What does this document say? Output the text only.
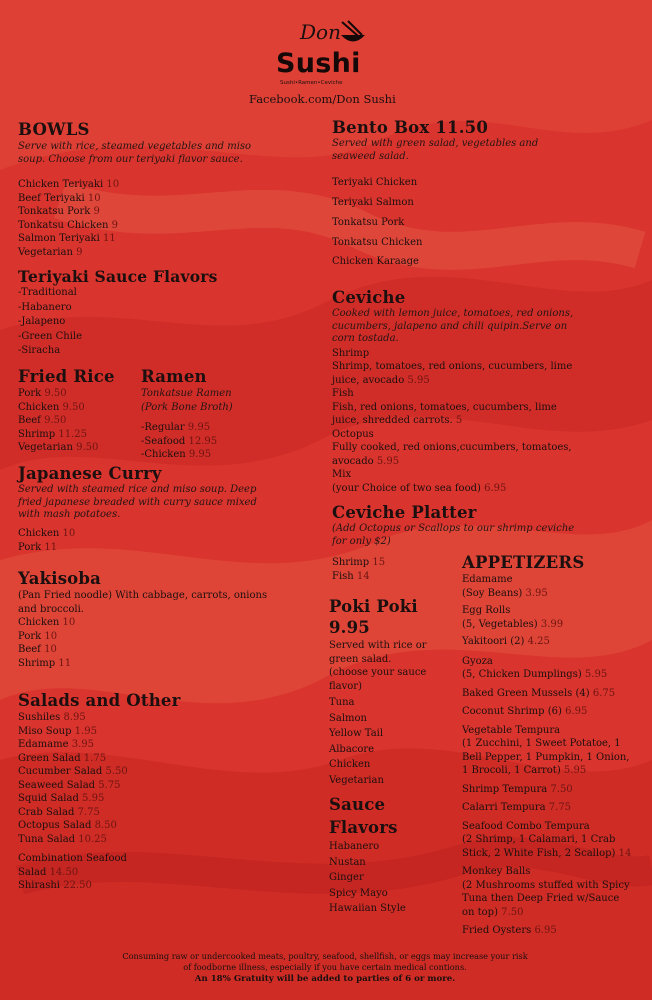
Don
Sushi
Sushi•Ramen•Ceviche
Facebook.com/Don Sushi
BOWLS

Serve with rice, steamed vegetables and miso soup. Choose from our teriyaki flavor sauce.

Chicken Teriyaki 10
Beef Teriyaki 10
Tonkatsu Pork 9
Tonkatsu Chicken 9
Salmon Teriyaki 11
Vegetarian 9
Teriyaki Sauce Flavors
-Traditional
-Habanero
-Jalapeno
-Green Chile
-Siracha
Fried Rice
Pork 9.50
Chicken 9.50
Beef 9.50
Shrimp 11.25
Vegetarian 9.50
Ramen

Tonkatsue Ramen

(Pork Bone Broth)

-Regular 9.95
-Seafood 12.95
-Chicken 9.95
Japanese Curry

Served with steamed rice and miso soup. Deep fried japanese breaded with curry sauce mixed with mash potatoes.

Chicken 10
Pork 11
Yakisoba
(Pan Fried noodle) With cabbage, carrots, onions and broccoli.
Chicken 10
Pork 10
Beef 10
Shrimp 11
Salads and Other
Sushiles 8.95
Miso Soup 1.95
Edamame 3.95
Green Salad 1.75
Cucumber Salad 5.50
Seaweed Salad 5.75
Squid Salad 5.95
Crab Salad 7.75
Octopus Salad 8.50
Tuna Salad 10.25
Combination Seafood
Salad 14.50
Shirashi 22.50
Bento Box 11.50

Served with green salad, vegetables and seaweed salad.

Teriyaki Chicken
Teriyaki Salmon
Tonkatsu Pork
Tonkatsu Chicken
Chicken Karaage
Ceviche

Cooked with lemon juice, tomatoes, red onions, cucumbers, jalapeno and chili quipin.Serve on corn tostada.

Shrimp
Shrimp, tomatoes, red onions, cucumbers, lime juice, avocado 5.95
Fish
Fish, red onions, tomatoes, cucumbers, lime juice, shredded carrots. 5
Octopus
Fully cooked, red onions,cucumbers, tomatoes, avocado 5.95
Mix
(your Choice of two sea food) 6.95
Ceviche Platter

(Add Octopus or Scallops to our shrimp ceviche for only $2)

Shrimp 15
Fish 14
Poki Poki
9.95
Served with rice or green salad.
(choose your sauce flavor)
Tuna
Salmon
Yellow Tail
Albacore
Chicken
Vegetarian
Sauce
Flavors
Habanero
Nustan
Ginger
Spicy Mayo
Hawaiian Style
APPETIZERS
Edamame
(Soy Beans) 3.95
Egg Rolls
(5, Vegetables) 3.99
Yakitoori (2) 4.25
Gyoza
(5, Chicken Dumplings) 5.95
Baked Green Mussels (4) 6.75
Coconut Shrimp (6) 6.95
Vegetable Tempura
(1 Zucchini, 1 Sweet Potatoe, 1 Bell Pepper, 1 Pumpkin, 1 Onion, 1 Brocoli, 1 Carrot) 5.95
Shrimp Tempura 7.50
Calarri Tempura 7.75
Seafood Combo Tempura
(2 Shrimp, 1 Calamari, 1 Crab Stick, 2 White Fish, 2 Scallop) 14
Monkey Balls
(2 Mushrooms stuffed with Spicy Tuna then Deep Fried w/Sauce on top) 7.50
Fried Oysters 6.95
Consuming raw or undercooked meats, poultry, seafood, shellfish, or eggs may increase your risk
of foodborne illness, especially if you have certain medical contions.
An 18% Gratuity will be added to parties of 6 or more.
